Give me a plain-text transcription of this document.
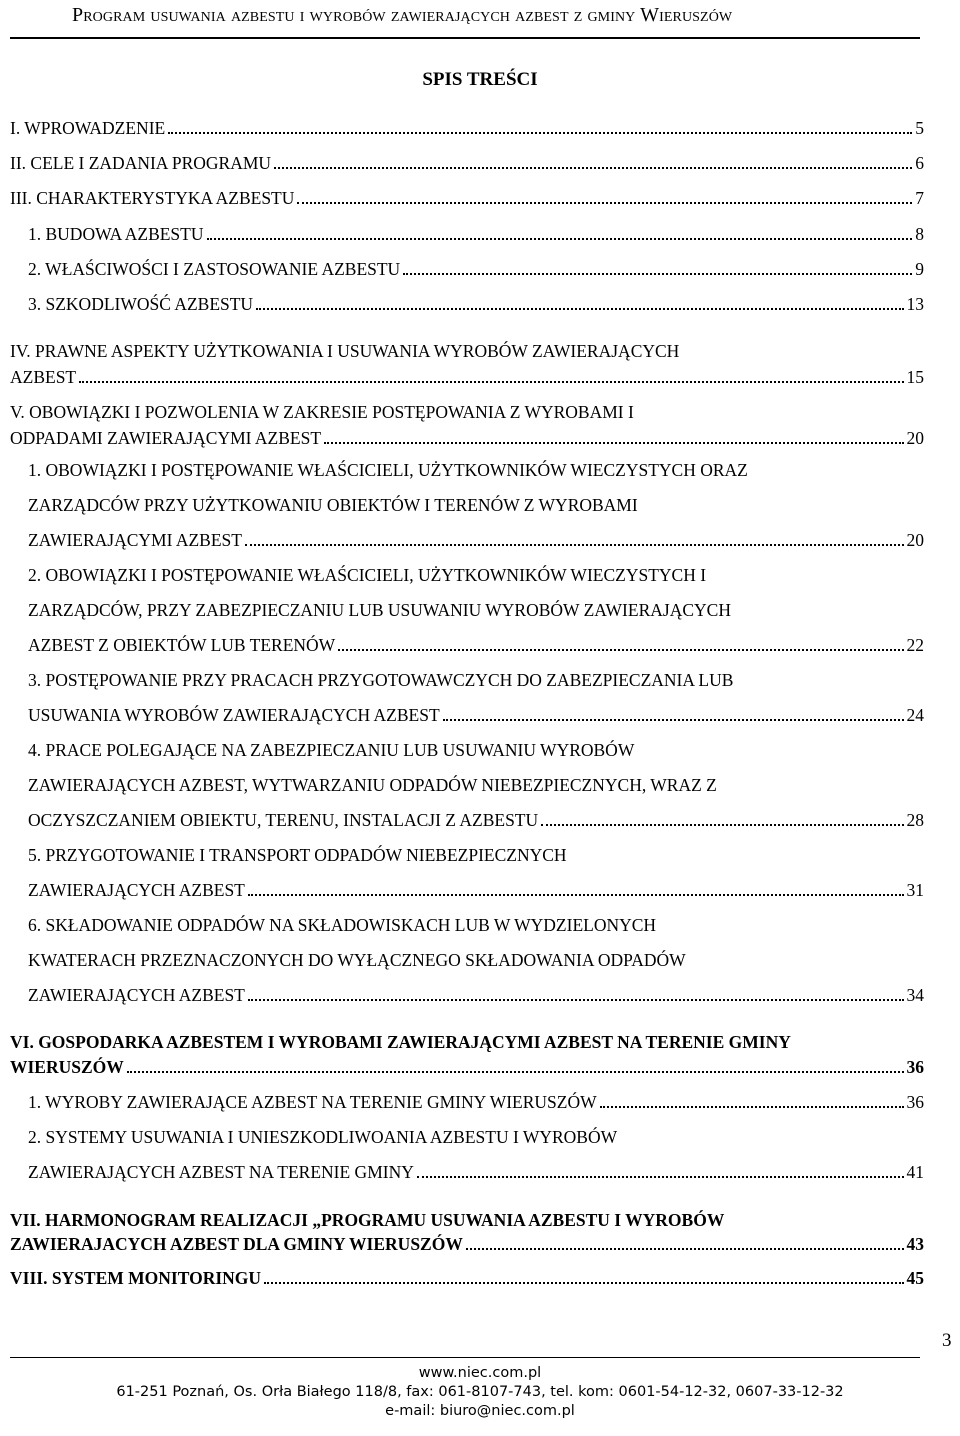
Program usuwania azbestu i wyrobów zawierających azbest z gminy Wieruszów
SPIS TREŚCI
I. WPROWADZENIE	5
II. CELE I ZADANIA PROGRAMU	6
III. CHARAKTERYSTYKA AZBESTU	7
1. BUDOWA AZBESTU	8
2. WŁAŚCIWOŚCI I ZASTOSOWANIE AZBESTU	9
3. SZKODLIWOŚĆ AZBESTU	13
IV. PRAWNE ASPEKTY UŻYTKOWANIA I USUWANIA WYROBÓW ZAWIERAJĄCYCH
AZBEST	15
V. OBOWIĄZKI I POZWOLENIA W ZAKRESIE POSTĘPOWANIA Z WYROBAMI I
ODPADAMI ZAWIERAJĄCYMI AZBEST	20
1. OBOWIĄZKI I POSTĘPOWANIE WŁAŚCICIELI, UŻYTKOWNIKÓW WIECZYSTYCH ORAZ
ZARZĄDCÓW PRZY UŻYTKOWANIU OBIEKTÓW I TERENÓW Z WYROBAMI
ZAWIERAJĄCYMI AZBEST	20
2. OBOWIĄZKI I POSTĘPOWANIE WŁAŚCICIELI, UŻYTKOWNIKÓW WIECZYSTYCH I
ZARZĄDCÓW, PRZY ZABEZPIECZANIU LUB USUWANIU WYROBÓW ZAWIERAJĄCYCH
AZBEST Z OBIEKTÓW LUB TERENÓW	22
3. POSTĘPOWANIE PRZY PRACACH PRZYGOTOWAWCZYCH DO ZABEZPIECZANIA LUB
USUWANIA WYROBÓW ZAWIERAJĄCYCH AZBEST	24
4. PRACE POLEGAJĄCE NA ZABEZPIECZANIU LUB USUWANIU WYROBÓW
ZAWIERAJĄCYCH AZBEST, WYTWARZANIU ODPADÓW NIEBEZPIECZNYCH, WRAZ Z
OCZYSZCZANIEM OBIEKTU, TERENU, INSTALACJI Z AZBESTU	28
5. PRZYGOTOWANIE I TRANSPORT ODPADÓW NIEBEZPIECZNYCH
ZAWIERAJĄCYCH AZBEST	31
6. SKŁADOWANIE ODPADÓW NA SKŁADOWISKACH LUB W WYDZIELONYCH
KWATERACH PRZEZNACZONYCH DO WYŁĄCZNEGO SKŁADOWANIA ODPADÓW
ZAWIERAJĄCYCH AZBEST	34
VI. GOSPODARKA AZBESTEM I WYROBAMI ZAWIERAJĄCYMI AZBEST NA TERENIE GMINY
WIERUSZÓW	36
1. WYROBY ZAWIERAJĄCE AZBEST NA TERENIE GMINY WIERUSZÓW	36
2. SYSTEMY USUWANIA I UNIESZKODLIWOANIA AZBESTU I WYROBÓW
ZAWIERAJĄCYCH AZBEST NA TERENIE GMINY	41
VII. HARMONOGRAM REALIZACJI „PROGRAMU USUWANIA AZBESTU I WYROBÓW
ZAWIERAJACYCH AZBEST DLA GMINY WIERUSZÓW	43
VIII. SYSTEM MONITORINGU	45
3
www.niec.com.pl
61-251 Poznań, Os. Orła Białego 118/8, fax: 061-8107-743, tel. kom: 0601-54-12-32, 0607-33-12-32
e-mail: biuro@niec.com.pl
